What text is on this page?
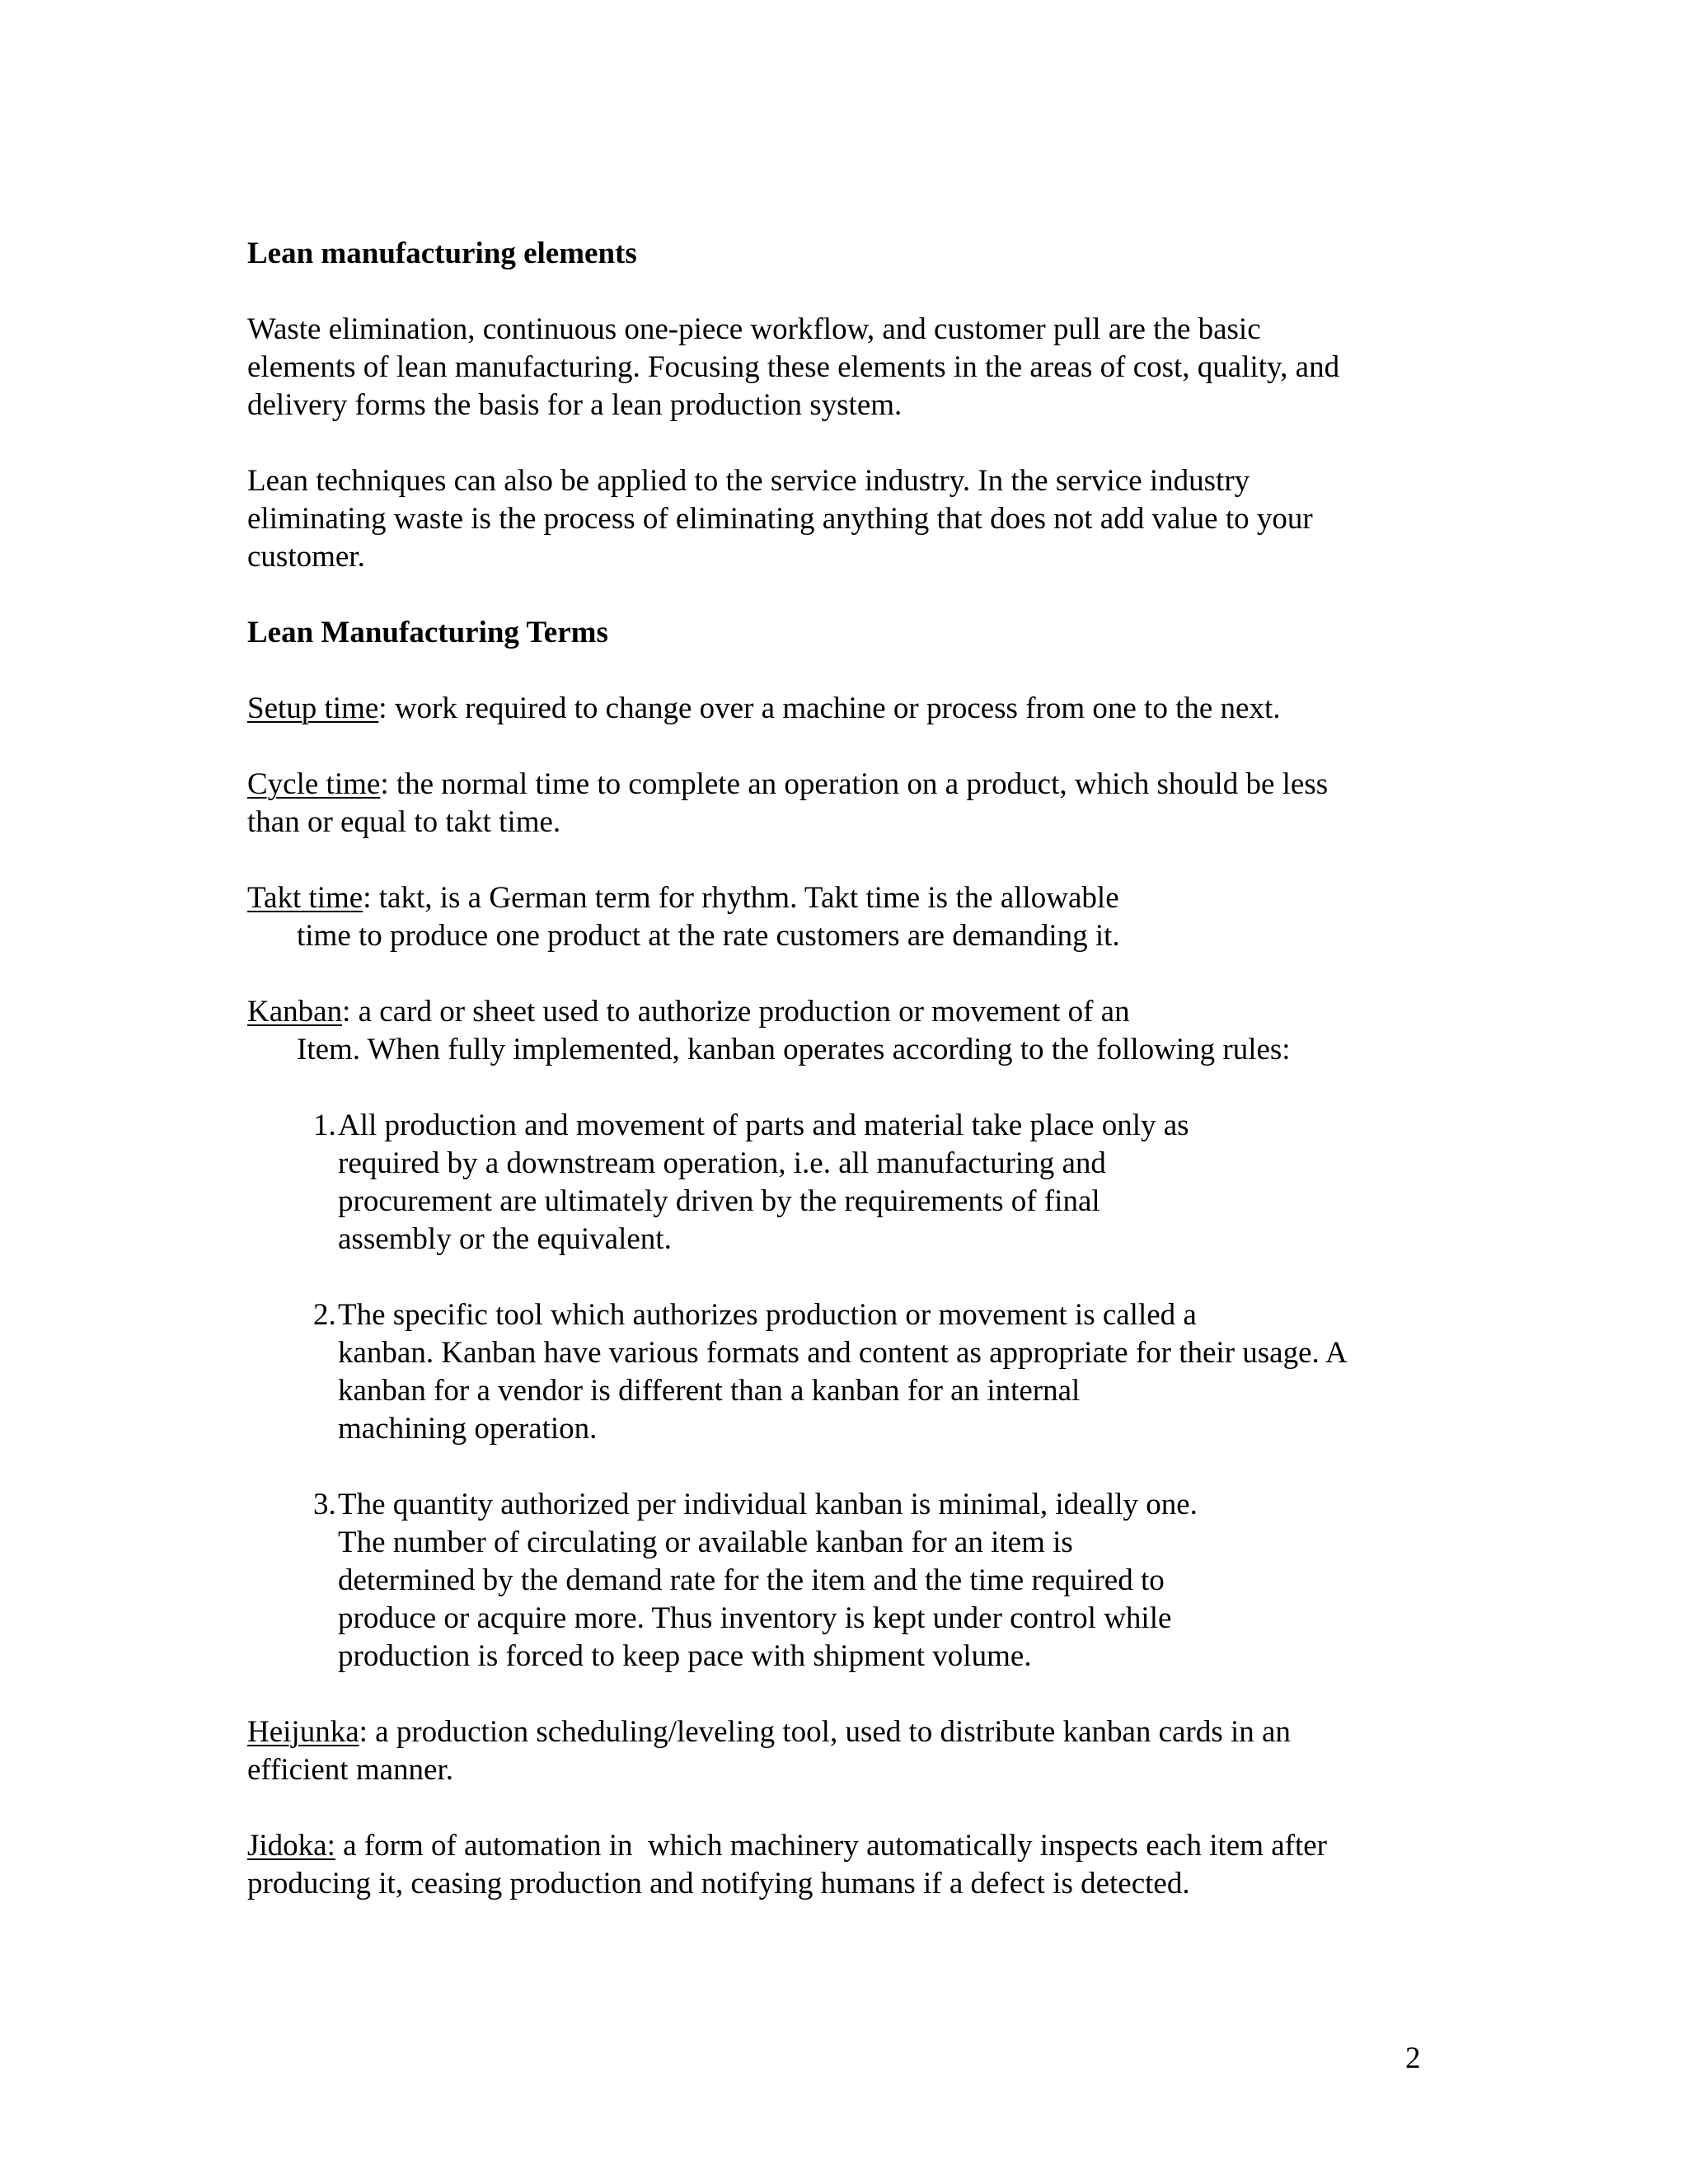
Lean manufacturing elements

Waste elimination, continuous one-piece workflow, and customer pull are the basic
elements of lean manufacturing. Focusing these elements in the areas of cost, quality, and
delivery forms the basis for a lean production system.

Lean techniques can also be applied to the service industry. In the service industry
eliminating waste is the process of eliminating anything that does not add value to your
customer.

Lean Manufacturing Terms

Setup time: work required to change over a machine or process from one to the next.

Cycle time: the normal time to complete an operation on a product, which should be less
than or equal to takt time.

Takt time: takt, is a German term for rhythm. Takt time is the allowable
time to produce one product at the rate customers are demanding it.

Kanban: a card or sheet used to authorize production or movement of an
Item. When fully implemented, kanban operates according to the following rules:

1. All production and movement of parts and material take place only as
required by a downstream operation, i.e. all manufacturing and
procurement are ultimately driven by the requirements of final
assembly or the equivalent.
2. The specific tool which authorizes production or movement is called a
kanban. Kanban have various formats and content as appropriate for their usage. A
kanban for a vendor is different than a kanban for an internal
machining operation.
3. The quantity authorized per individual kanban is minimal, ideally one.
The number of circulating or available kanban for an item is
determined by the demand rate for the item and the time required to
produce or acquire more. Thus inventory is kept under control while
production is forced to keep pace with shipment volume.

Heijunka: a production scheduling/leveling tool, used to distribute kanban cards in an
efficient manner.

Jidoka: a form of automation in  which machinery automatically inspects each item after
producing it, ceasing production and notifying humans if a defect is detected.

2
